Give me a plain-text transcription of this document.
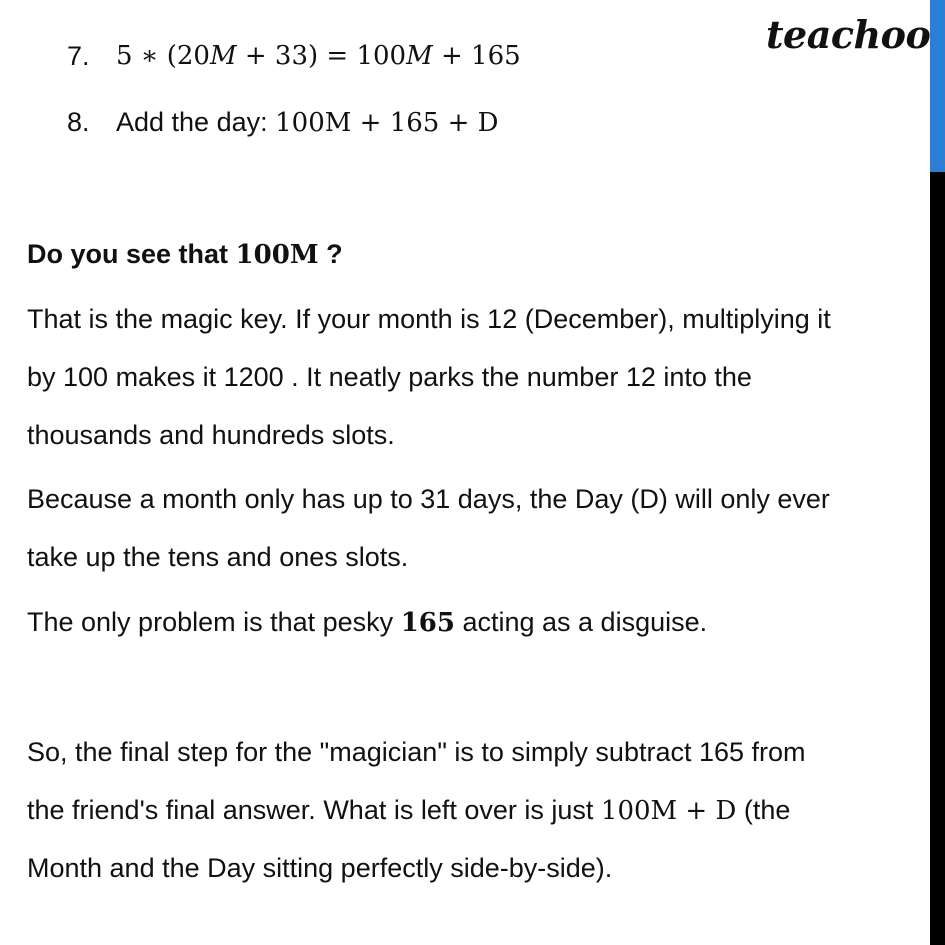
teachoo
7. 5 ∗ (20M + 33) = 100M + 165
8. Add the day: 100M + 165 + D
Do you see that 100M ?
That is the magic key. If your month is 12 (December), multiplying it
by 100 makes it 1200 . It neatly parks the number 12 into the
thousands and hundreds slots.
Because a month only has up to 31 days, the Day (D) will only ever
take up the tens and ones slots.
The only problem is that pesky 165 acting as a disguise.
So, the final step for the "magician" is to simply subtract 165 from
the friend's final answer. What is left over is just 100M + D (the
Month and the Day sitting perfectly side-by-side).
